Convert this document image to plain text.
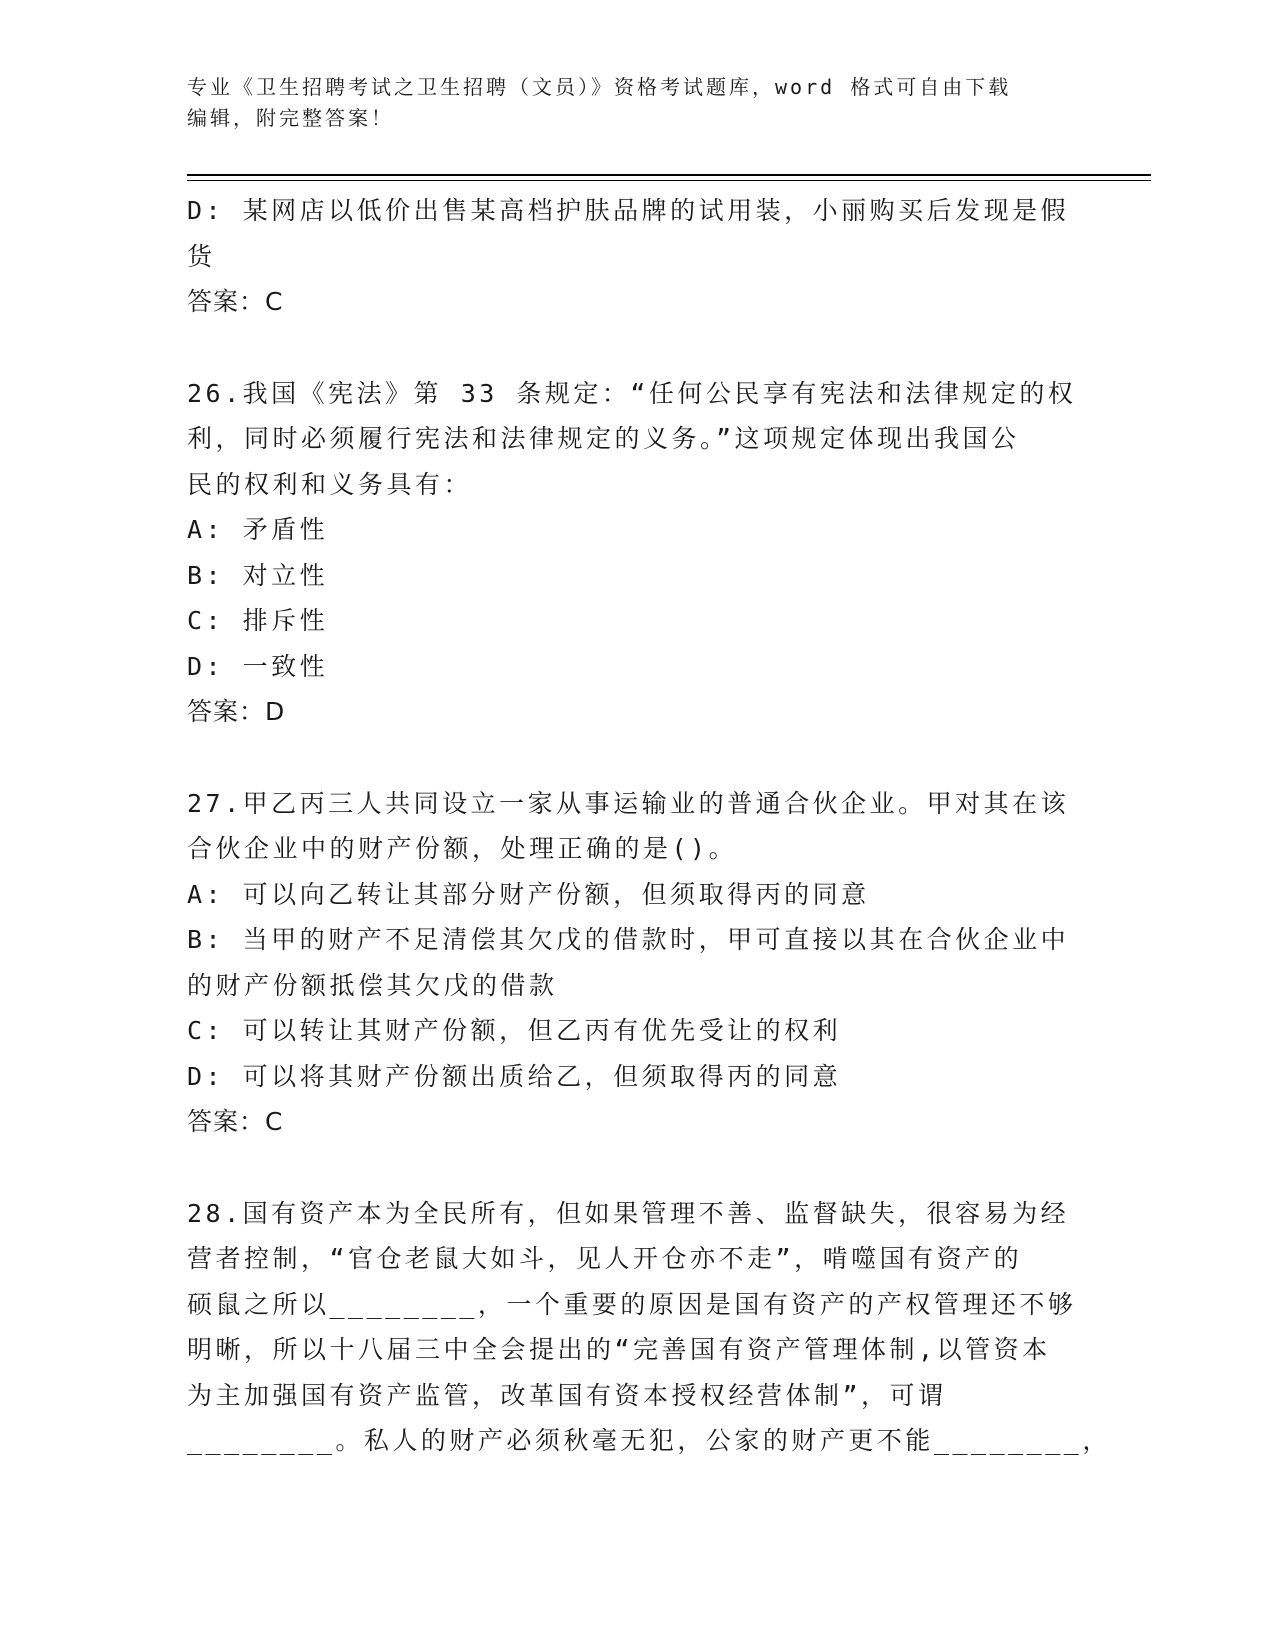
专业《卫生招聘考试之卫生招聘（文员）》资格考试题库，word 格式可自由下载
编辑，附完整答案！
D: 某网店以低价出售某高档护肤品牌的试用装，小丽购买后发现是假
货
答案：C
26.我国《宪法》第 33 条规定：“任何公民享有宪法和法律规定的权
利，同时必须履行宪法和法律规定的义务。”这项规定体现出我国公
民的权利和义务具有：
A: 矛盾性
B: 对立性
C: 排斥性
D: 一致性
答案：D
27.甲乙丙三人共同设立一家从事运输业的普通合伙企业。甲对其在该
合伙企业中的财产份额，处理正确的是()。
A: 可以向乙转让其部分财产份额，但须取得丙的同意
B: 当甲的财产不足清偿其欠戊的借款时，甲可直接以其在合伙企业中
的财产份额抵偿其欠戊的借款
C: 可以转让其财产份额，但乙丙有优先受让的权利
D: 可以将其财产份额出质给乙，但须取得丙的同意
答案：C
28.国有资产本为全民所有，但如果管理不善、监督缺失，很容易为经
营者控制，“官仓老鼠大如斗，见人开仓亦不走”，啃噬国有资产的
硕鼠之所以________，一个重要的原因是国有资产的产权管理还不够
明晰，所以十八届三中全会提出的“完善国有资产管理体制,以管资本
为主加强国有资产监管，改革国有资本授权经营体制”，可谓
________。私人的财产必须秋毫无犯，公家的财产更不能________，
